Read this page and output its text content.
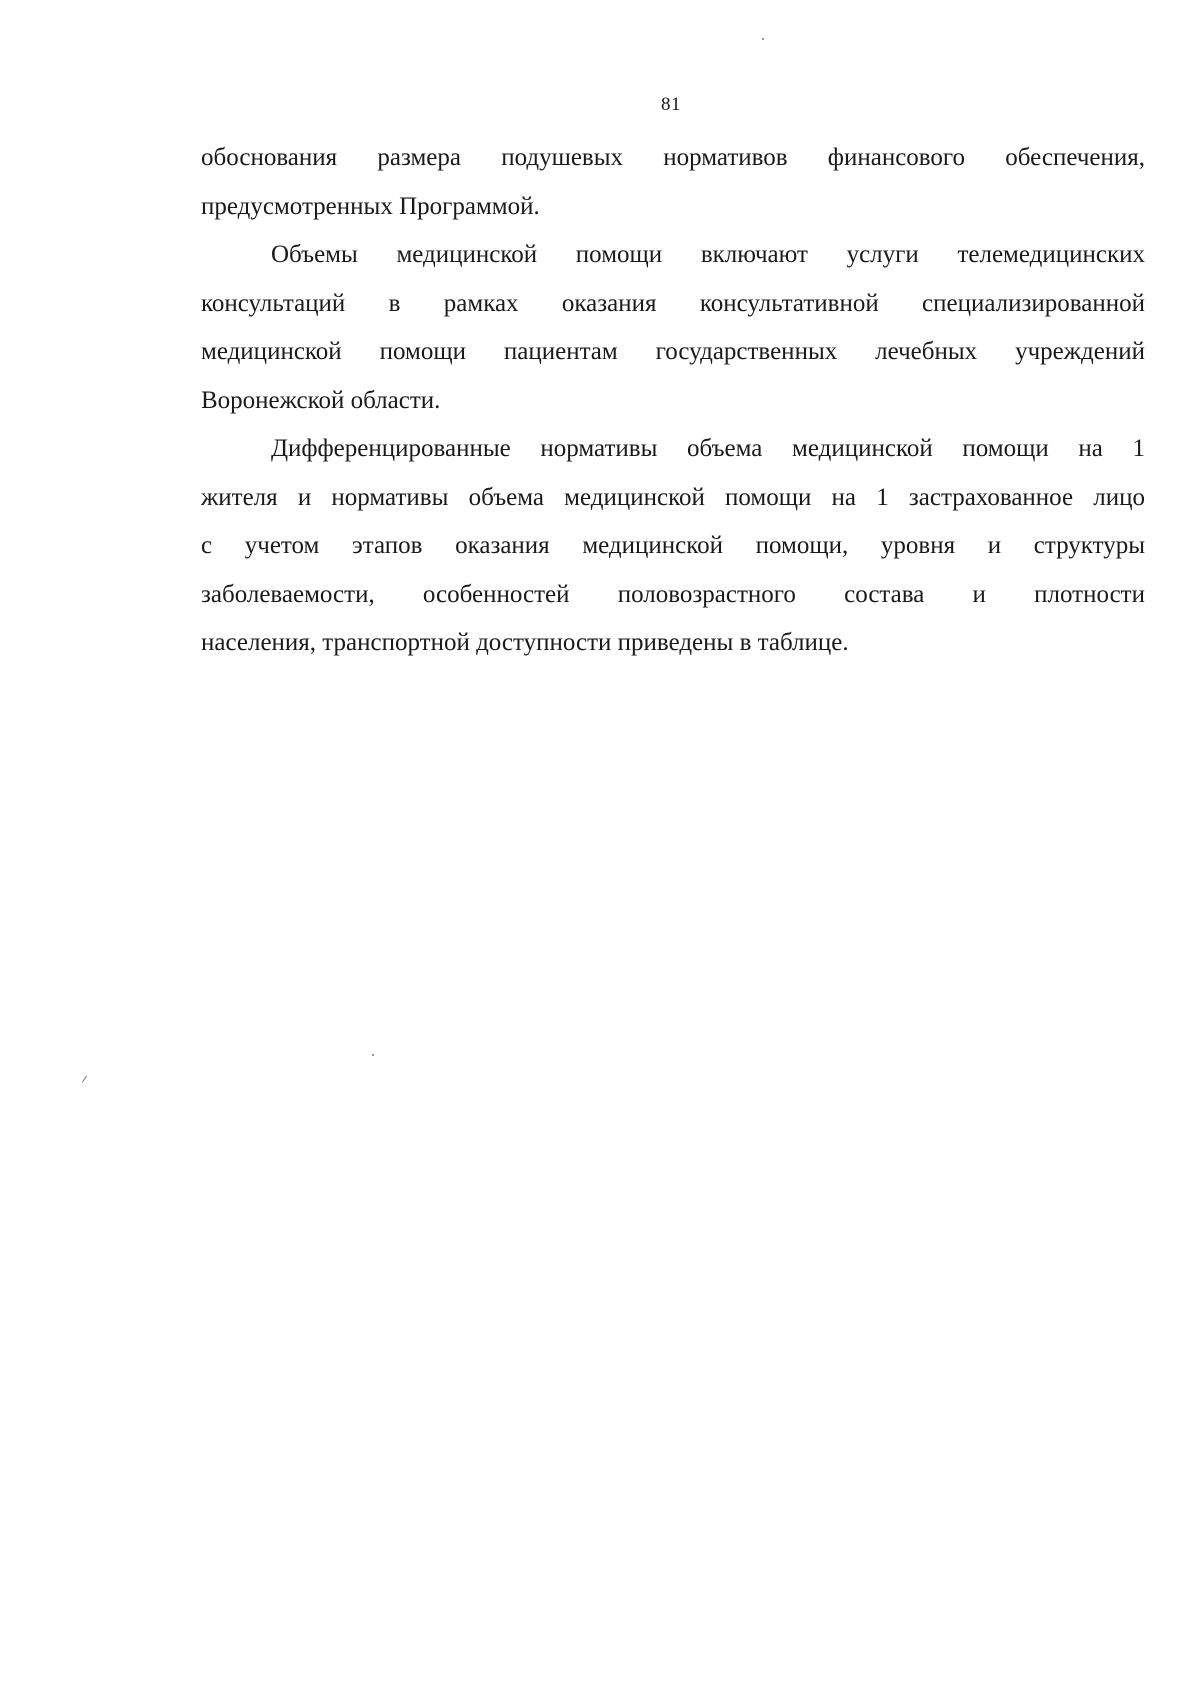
81

обоснования размера подушевых нормативов финансового обеспечения,
предусмотренных Программой.

Объемы медицинской помощи включают услуги телемедицинских
консультаций в рамках оказания консультативной специализированной
медицинской помощи пациентам государственных лечебных учреждений
Воронежской области.

Дифференцированные нормативы объема медицинской помощи на 1
жителя и нормативы объема медицинской помощи на 1 застрахованное лицо
с учетом этапов оказания медицинской помощи, уровня и структуры
заболеваемости, особенностей половозрастного состава и плотности
населения, транспортной доступности приведены в таблице.
